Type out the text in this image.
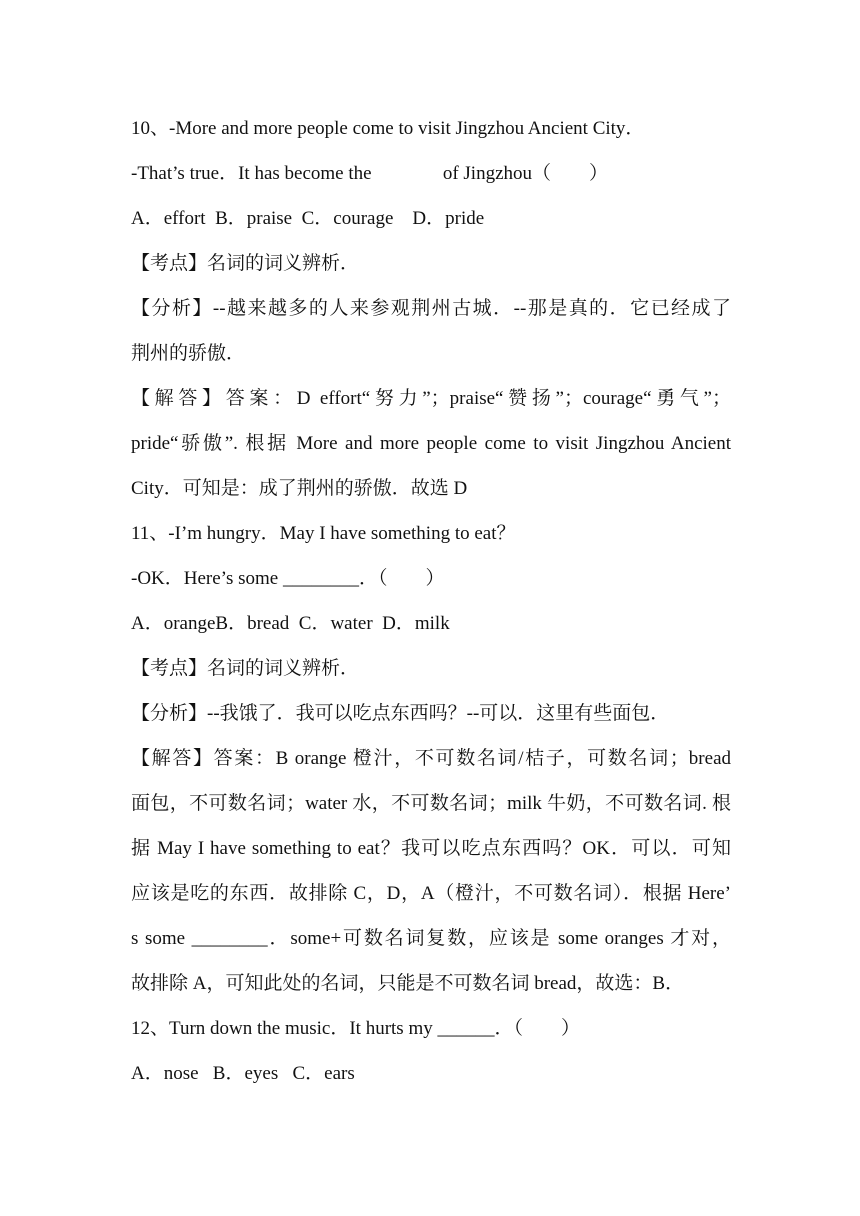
10、-More and more people come to visit Jingzhou Ancient City．
-That’s true．It has become the               of Jingzhou（　　）
A．effort  B．praise  C．courage    D．pride
【考点】名词的词义辨析．
【分析】--越来越多的人来参观荆州古城．--那是真的．它已经成了
荆州的骄傲．
【解答】答案：D effort“努力”；praise“赞扬”；courage“勇气”；
pride“骄傲”. 根据 More and more people come to visit Jingzhou Ancient
City．可知是：成了荆州的骄傲．故选 D
11、-I’m hungry．May I have something to eat？
-OK．Here’s some ________．（　　）
A．orangeB．bread  C．water  D．milk
【考点】名词的词义辨析．
【分析】--我饿了．我可以吃点东西吗？--可以．这里有些面包．
【解答】答案：B orange 橙汁，不可数名词/桔子，可数名词；bread
面包，不可数名词；water 水，不可数名词；milk 牛奶，不可数名词. 根
据 May I have something to eat？我可以吃点东西吗？OK．可以．可知
应该是吃的东西．故排除 C，D，A（橙汁，不可数名词）．根据 Here’
s some ________．some+可数名词复数，应该是 some oranges 才对，
故排除 A，可知此处的名词，只能是不可数名词 bread，故选：B．
12、Turn down the music．It hurts my ______．（　　）
A．nose   B．eyes   C．ears
